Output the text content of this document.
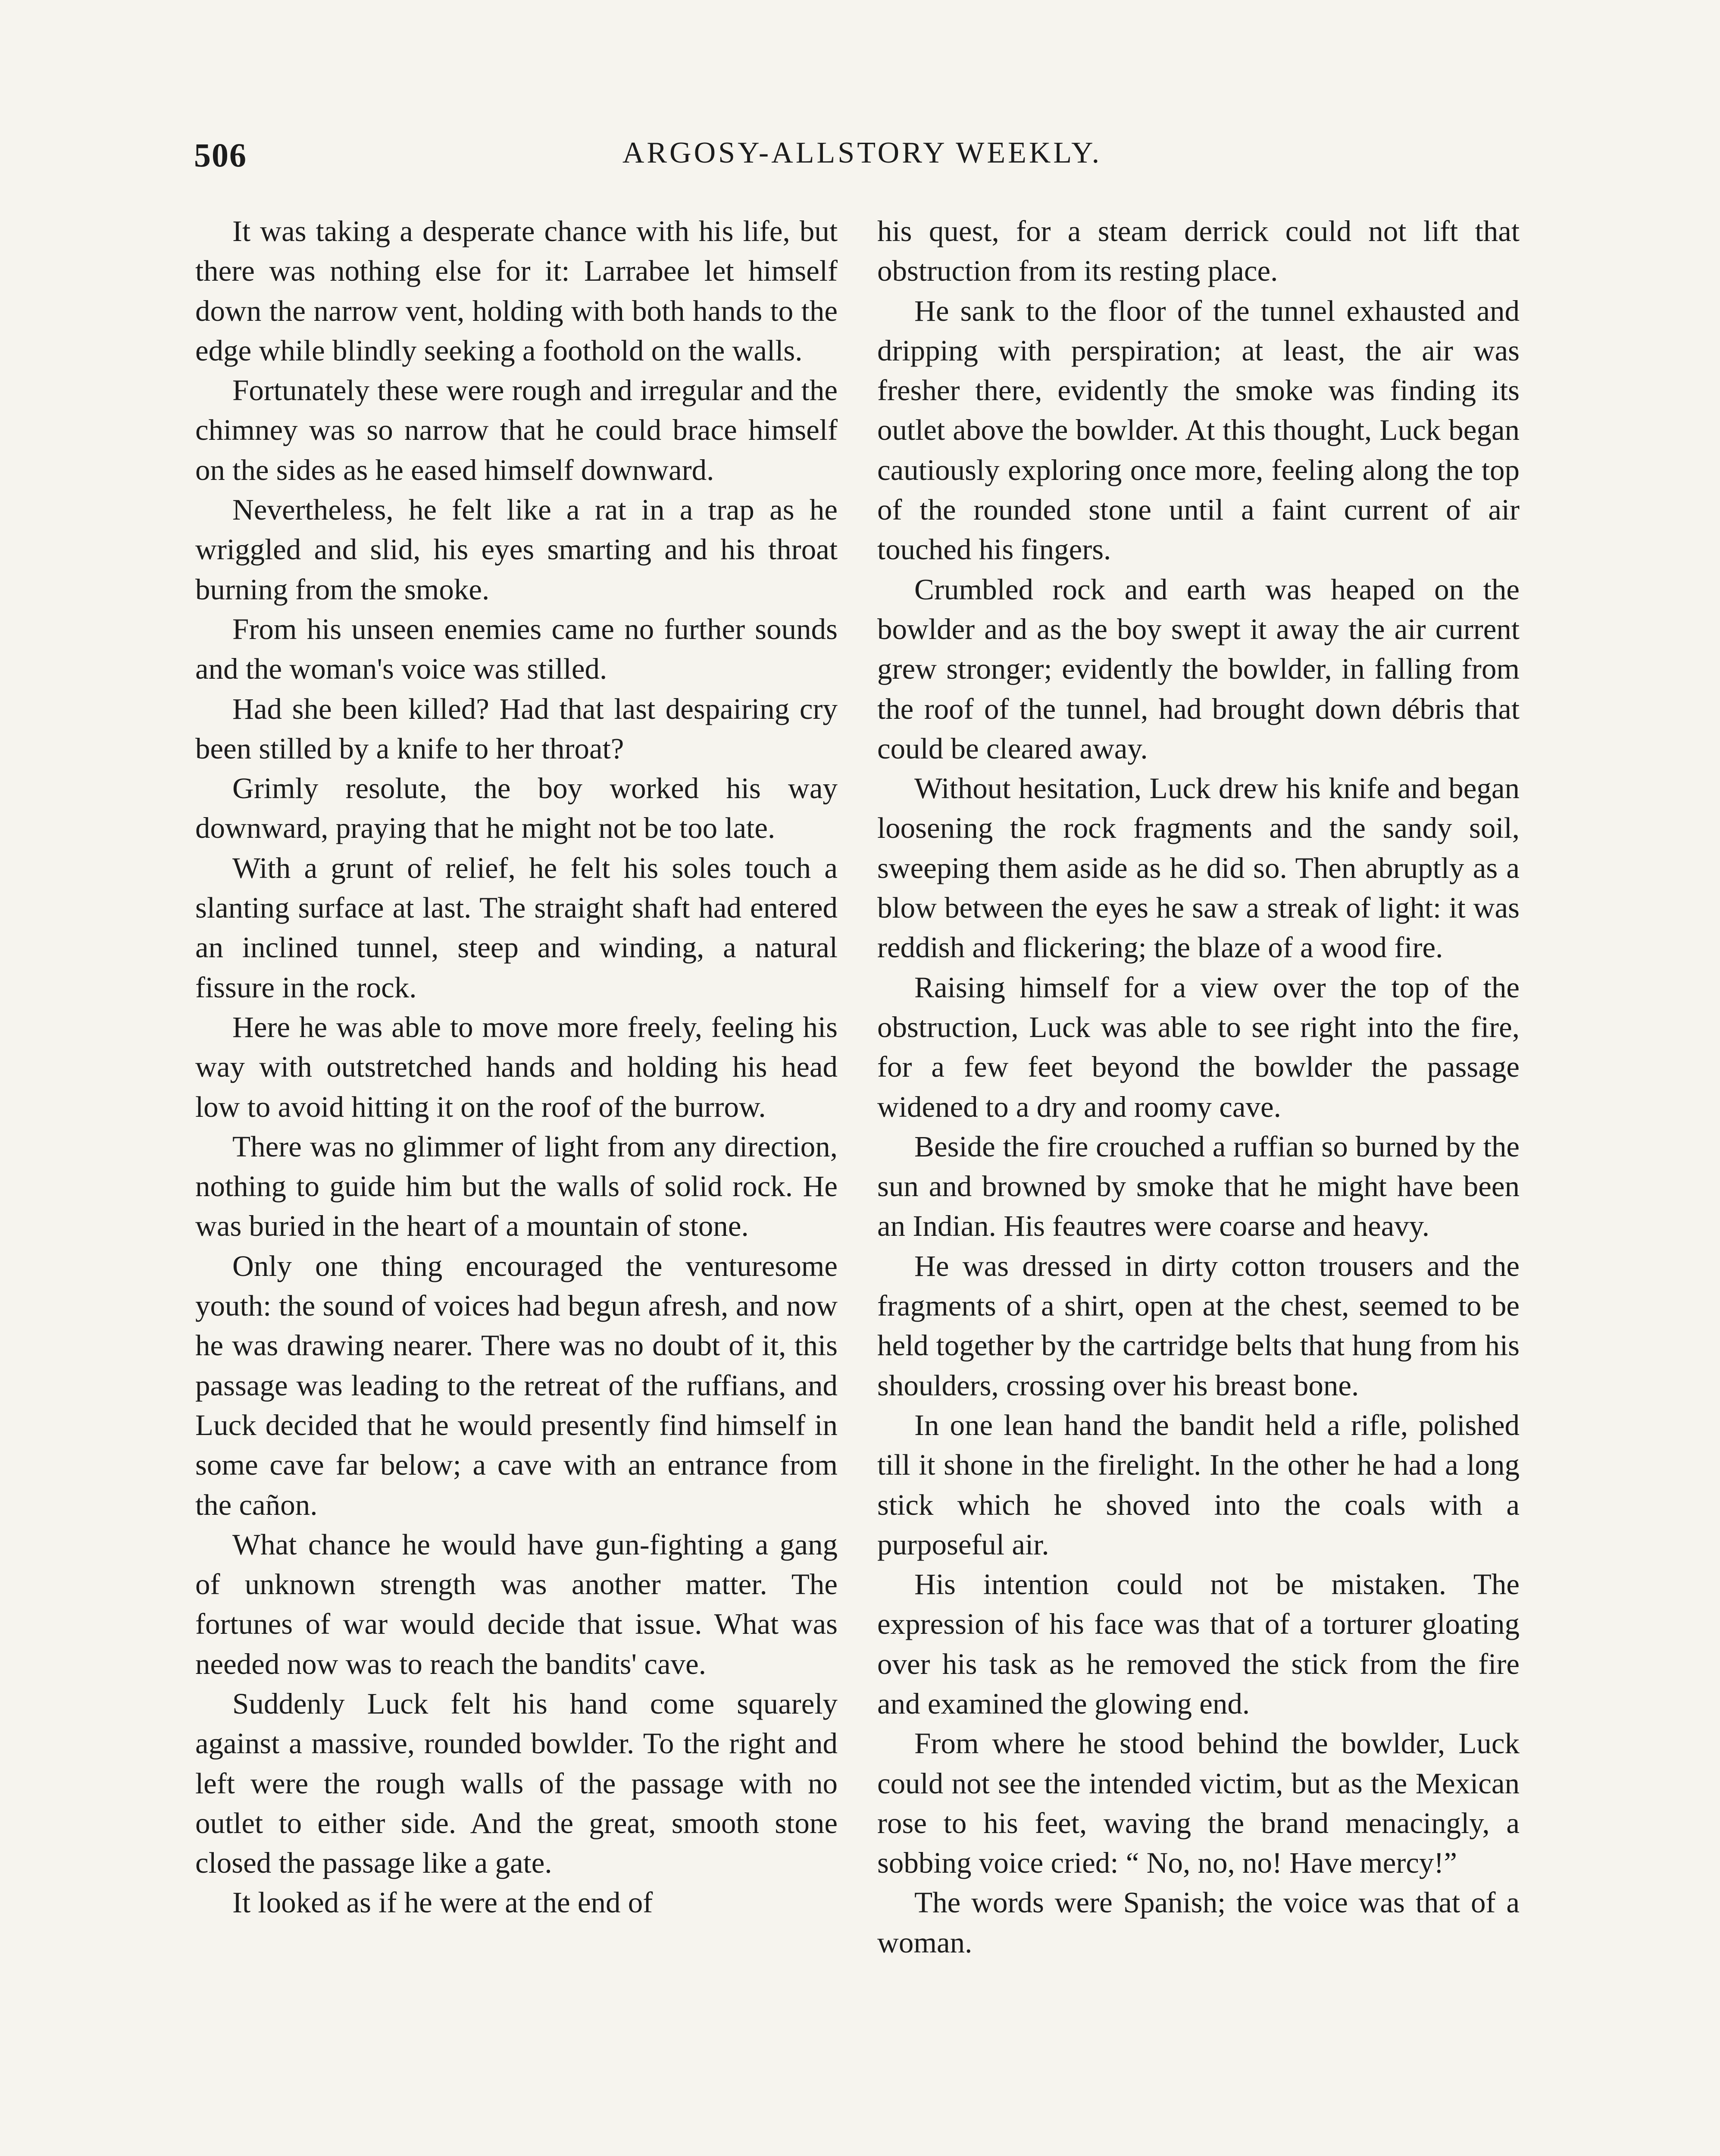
506	ARGOSY-ALLSTORY WEEKLY.

It was taking a desperate chance with his life, but there was nothing else for it: Larrabee let himself down the narrow vent, holding with both hands to the edge while blindly seeking a foothold on the walls.

Fortunately these were rough and irregular and the chimney was so narrow that he could brace himself on the sides as he eased himself downward.

Nevertheless, he felt like a rat in a trap as he wriggled and slid, his eyes smarting and his throat burning from the smoke.

From his unseen enemies came no further sounds and the woman's voice was stilled.

Had she been killed? Had that last despairing cry been stilled by a knife to her throat?

Grimly resolute, the boy worked his way downward, praying that he might not be too late.

With a grunt of relief, he felt his soles touch a slanting surface at last. The straight shaft had entered an inclined tunnel, steep and winding, a natural fissure in the rock.

Here he was able to move more freely, feeling his way with outstretched hands and holding his head low to avoid hitting it on the roof of the burrow.

There was no glimmer of light from any direction, nothing to guide him but the walls of solid rock. He was buried in the heart of a mountain of stone.

Only one thing encouraged the venturesome youth: the sound of voices had begun afresh, and now he was drawing nearer. There was no doubt of it, this passage was leading to the retreat of the ruffians, and Luck decided that he would presently find himself in some cave far below; a cave with an entrance from the cañon.

What chance he would have gun-fighting a gang of unknown strength was another matter. The fortunes of war would decide that issue. What was needed now was to reach the bandits' cave.

Suddenly Luck felt his hand come squarely against a massive, rounded bowlder. To the right and left were the rough walls of the passage with no outlet to either side. And the great, smooth stone closed the passage like a gate.

It looked as if he were at the end of

his quest, for a steam derrick could not lift that obstruction from its resting place.

He sank to the floor of the tunnel exhausted and dripping with perspiration; at least, the air was fresher there, evidently the smoke was finding its outlet above the bowlder. At this thought, Luck began cautiously exploring once more, feeling along the top of the rounded stone until a faint current of air touched his fingers.

Crumbled rock and earth was heaped on the bowlder and as the boy swept it away the air current grew stronger; evidently the bowlder, in falling from the roof of the tunnel, had brought down débris that could be cleared away.

Without hesitation, Luck drew his knife and began loosening the rock fragments and the sandy soil, sweeping them aside as he did so. Then abruptly as a blow between the eyes he saw a streak of light: it was reddish and flickering; the blaze of a wood fire.

Raising himself for a view over the top of the obstruction, Luck was able to see right into the fire, for a few feet beyond the bowlder the passage widened to a dry and roomy cave.

Beside the fire crouched a ruffian so burned by the sun and browned by smoke that he might have been an Indian. His feautres were coarse and heavy.

He was dressed in dirty cotton trousers and the fragments of a shirt, open at the chest, seemed to be held together by the cartridge belts that hung from his shoulders, crossing over his breast bone.

In one lean hand the bandit held a rifle, polished till it shone in the firelight. In the other he had a long stick which he shoved into the coals with a purposeful air.

His intention could not be mistaken. The expression of his face was that of a torturer gloating over his task as he removed the stick from the fire and examined the glowing end.

From where he stood behind the bowlder, Luck could not see the intended victim, but as the Mexican rose to his feet, waving the brand menacingly, a sobbing voice cried: “ No, no, no! Have mercy!”

The words were Spanish; the voice was that of a woman.
